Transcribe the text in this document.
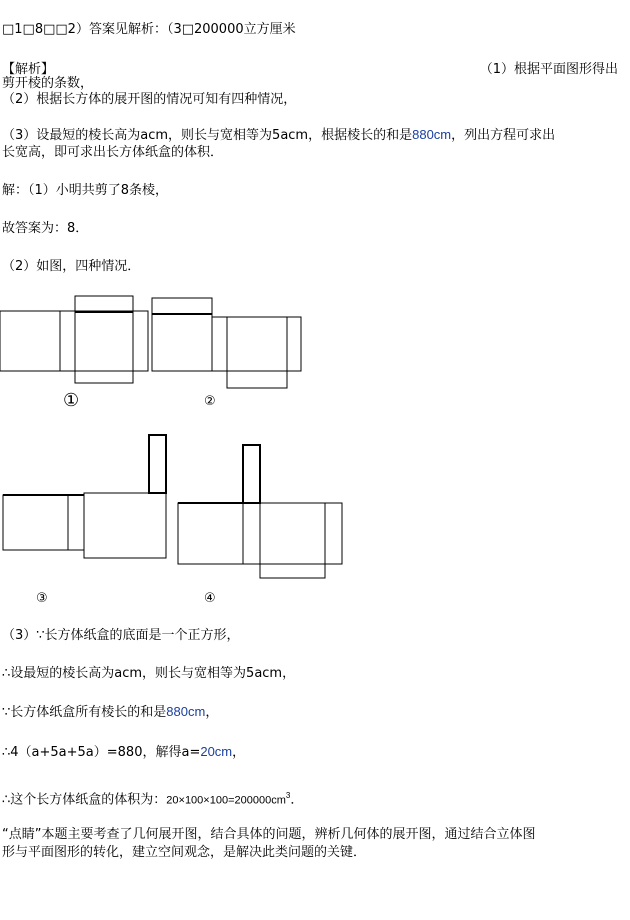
□1□8□□2）答案见解析：（3□200000立方厘米
【解析】	（1）根据平面图形得出
剪开棱的条数，
（2）根据长方体的展开图的情况可知有四种情况，
（3）设最短的棱长高为acm，则长与宽相等为5acm，根据棱长的和是880cm，列出方程可求出
长宽高，即可求出长方体纸盒的体积．
解：（1）小明共剪了8条棱，
故答案为：8．
（2）如图，四种情况．
①	②
③	④
（3）∵长方体纸盒的底面是一个正方形，
∴设最短的棱长高为acm，则长与宽相等为5acm，
∵长方体纸盒所有棱长的和是880cm，
∴4（a+5a+5a）=880，解得a=20cm，
∴这个长方体纸盒的体积为：$20\times 100\times 100=200000cm^3$．
“点睛”本题主要考查了几何展开图，结合具体的问题，辨析几何体的展开图，通过结合立体图
形与平面图形的转化，建立空间观念，是解决此类问题的关键．
